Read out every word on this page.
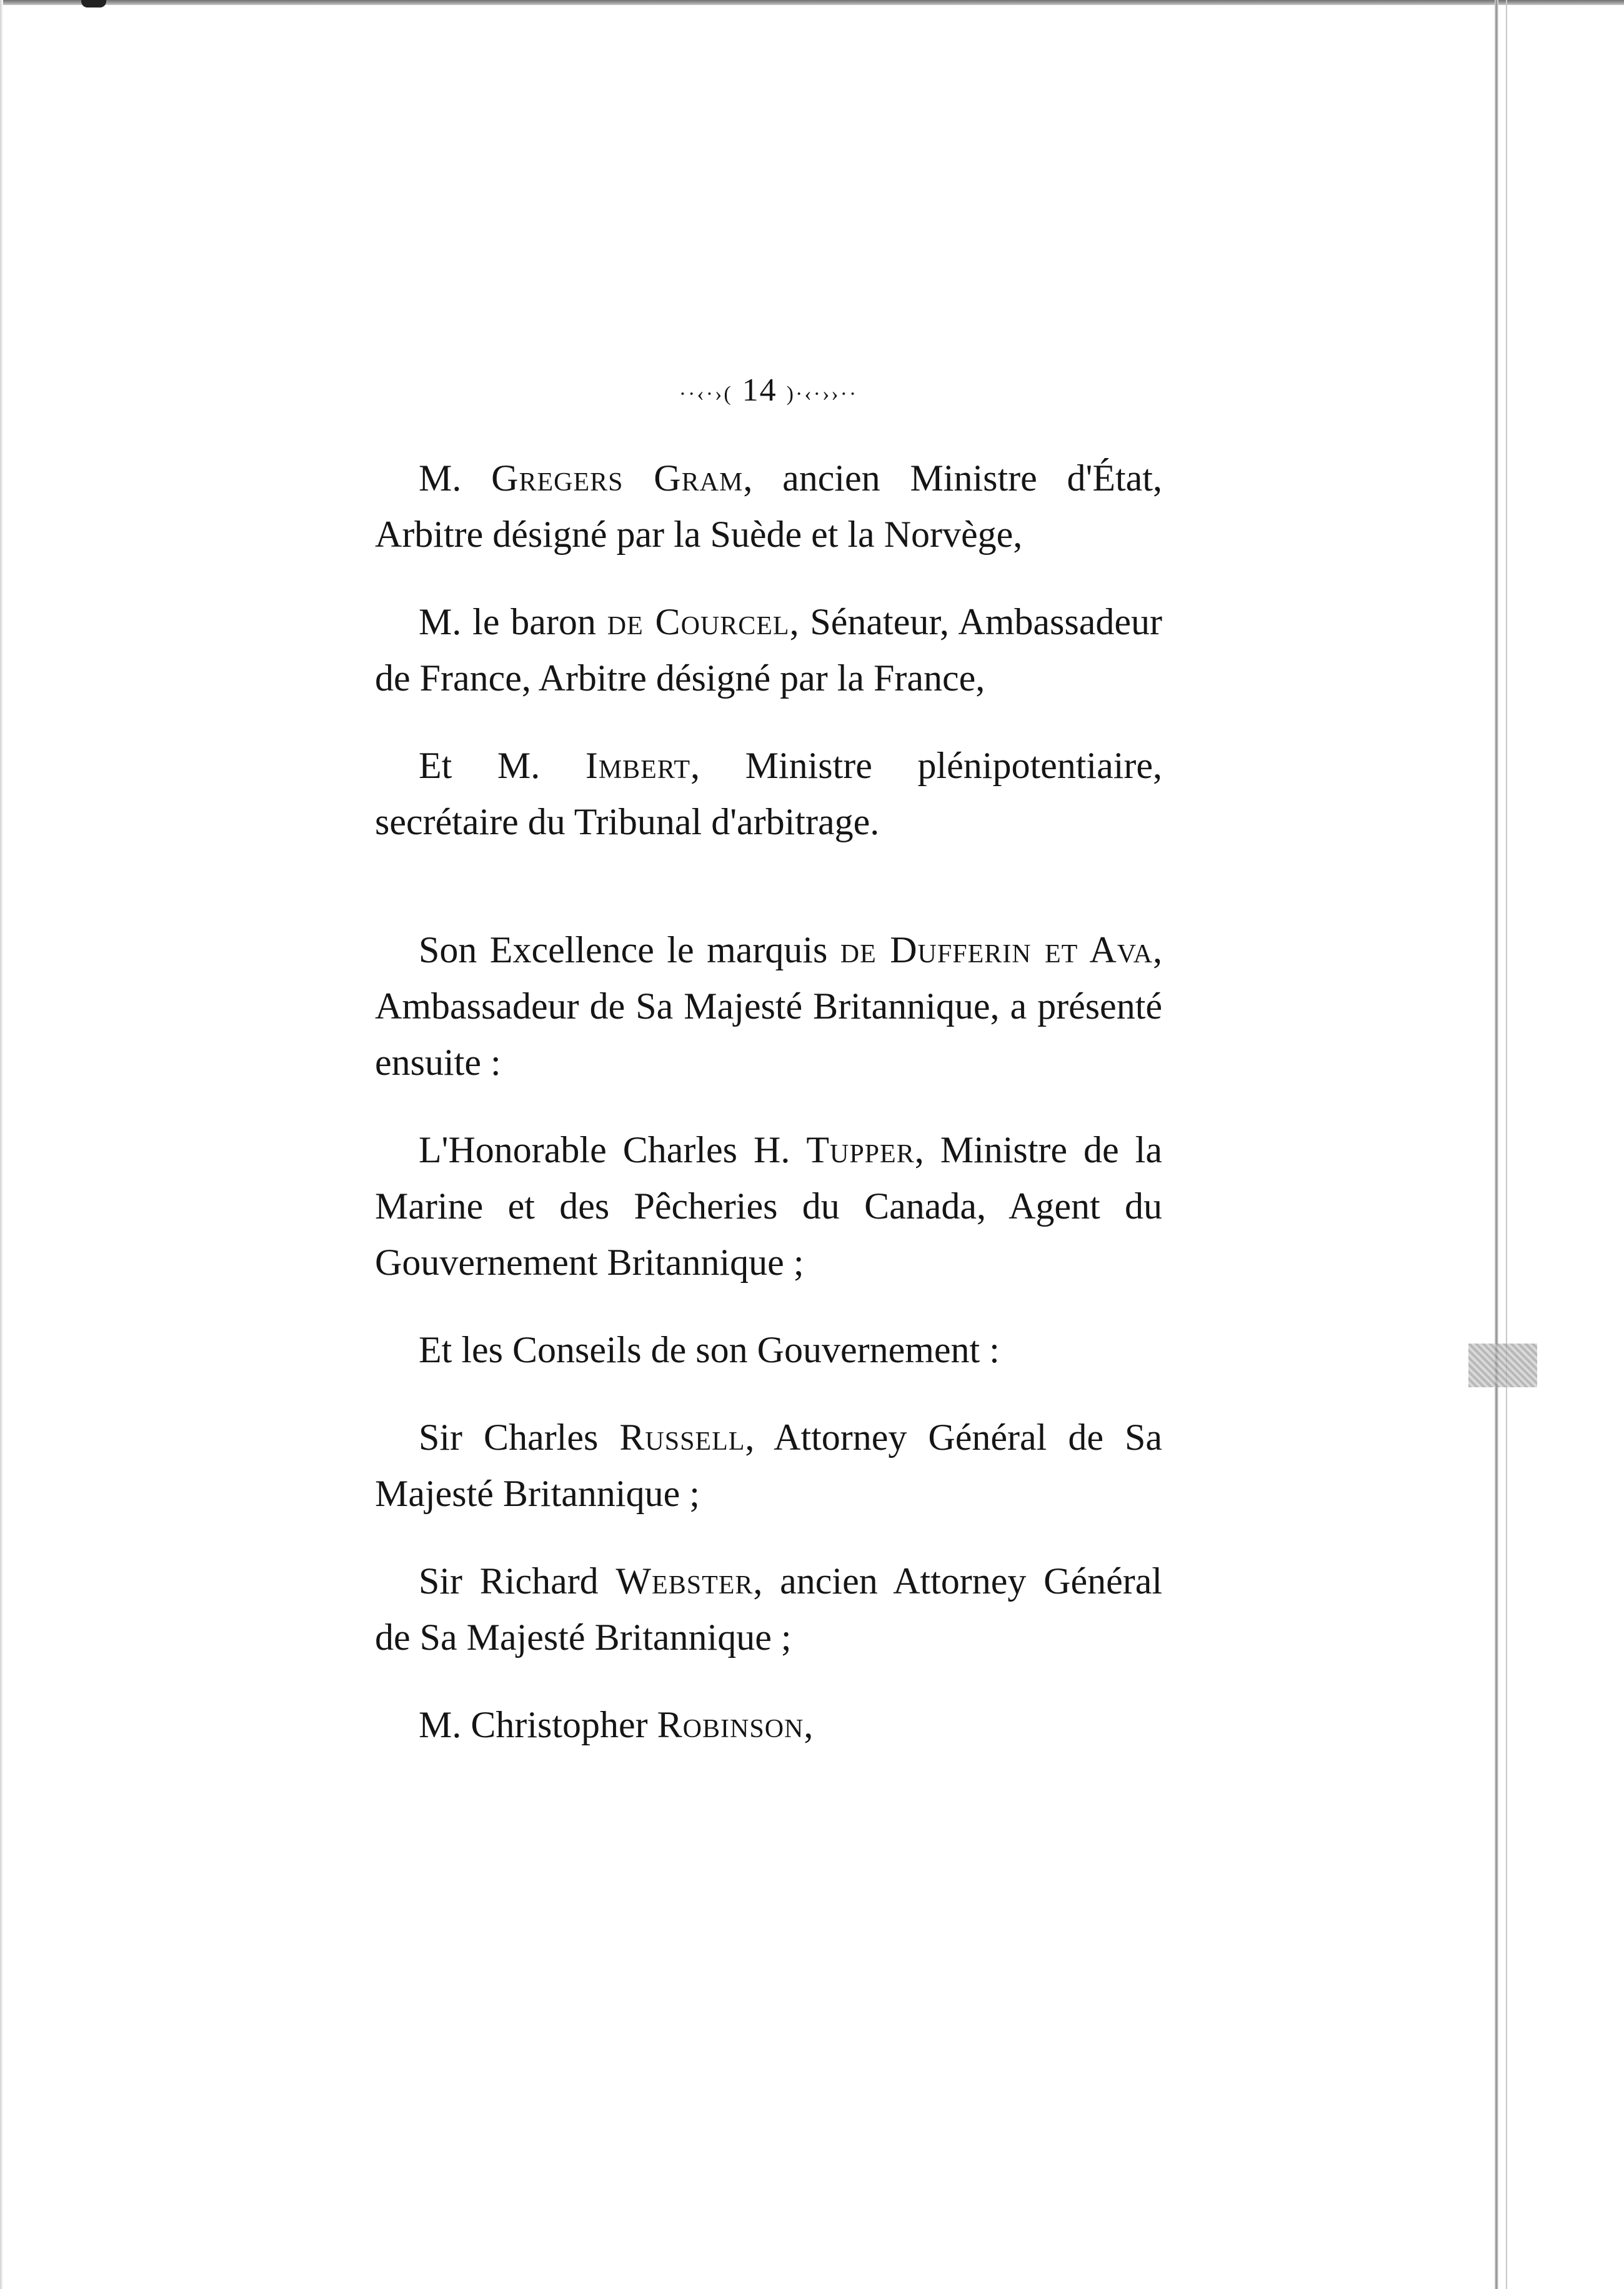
··‹·›( 14 )·‹·››··

M. Gregers Gram, ancien Ministre d'État, Arbitre désigné par la Suède et la Norvège,

M. le baron de Courcel, Sénateur, Ambassadeur de France, Arbitre désigné par la France,

Et M. Imbert, Ministre plénipotentiaire, secrétaire du Tribunal d'arbitrage.

Son Excellence le marquis de Dufferin et Ava, Ambassadeur de Sa Majesté Britannique, a présenté ensuite :

L'Honorable Charles H. Tupper, Ministre de la Marine et des Pêcheries du Canada, Agent du Gouvernement Britannique ;

Et les Conseils de son Gouvernement :

Sir Charles Russell, Attorney Général de Sa Majesté Britannique ;

Sir Richard Webster, ancien Attorney Général de Sa Majesté Britannique ;

M. Christopher Robinson,
